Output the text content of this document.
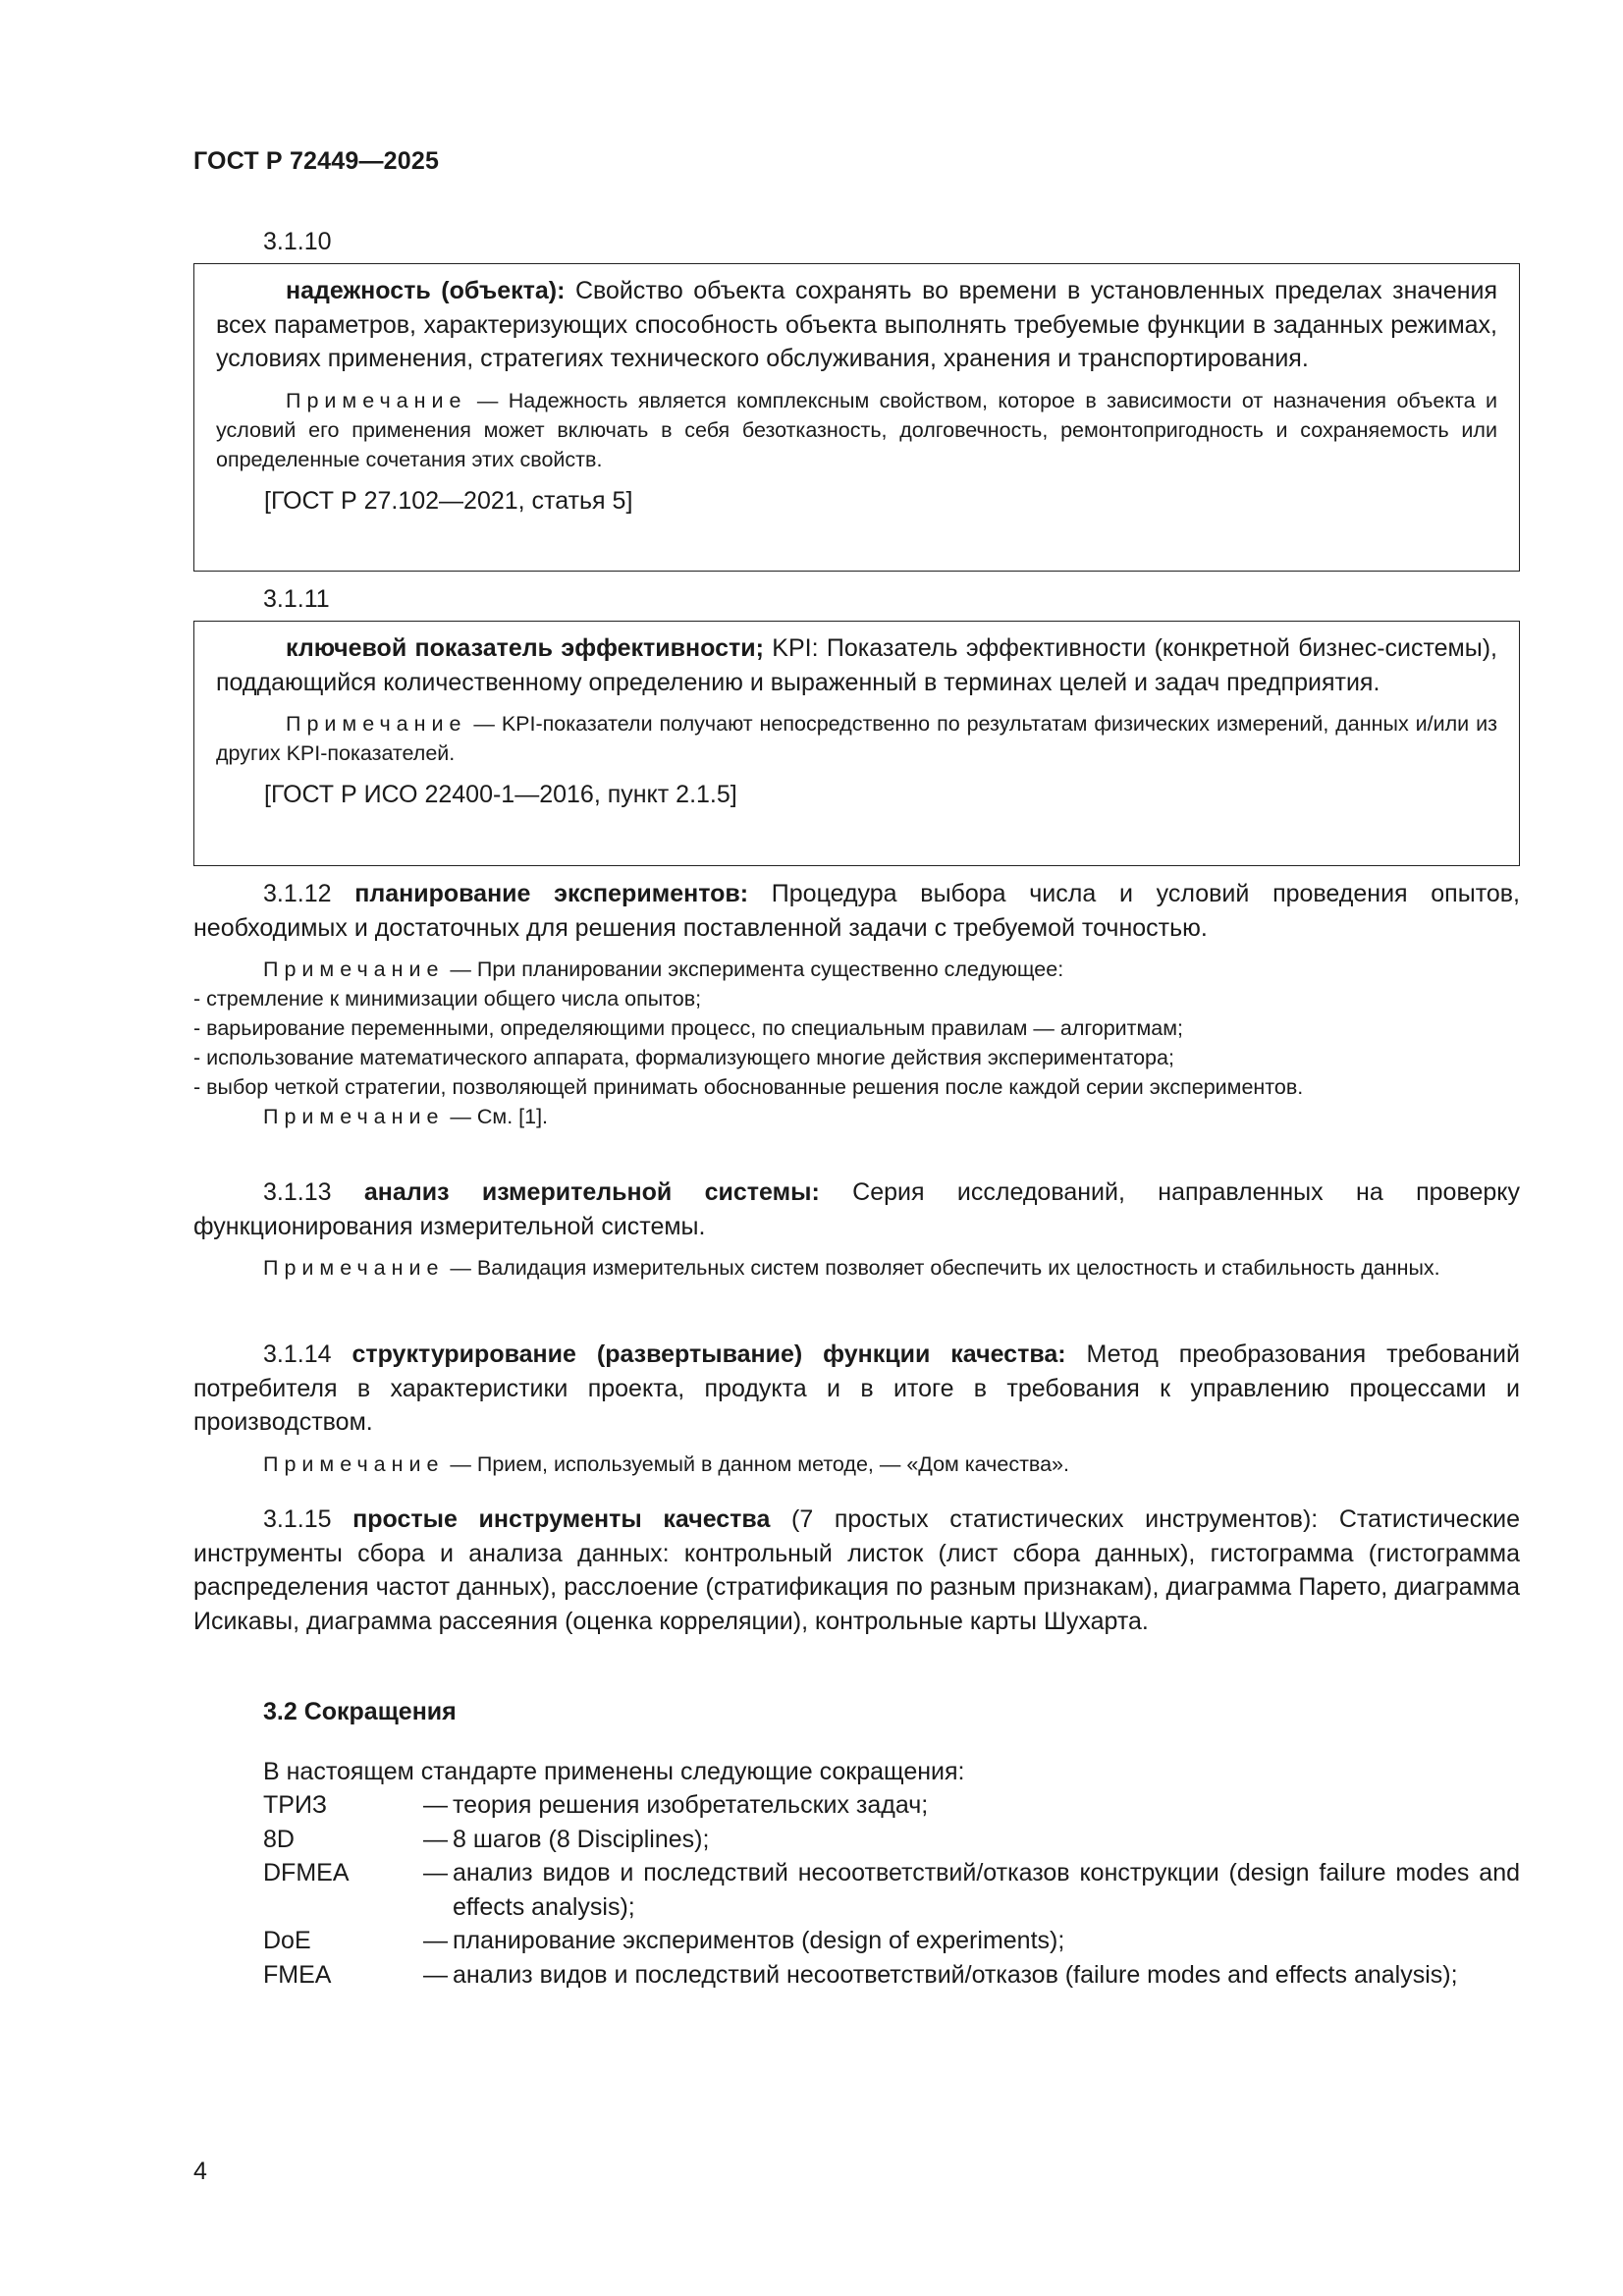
ГОСТ Р 72449—2025
3.1.10

надежность (объекта): Свойство объекта сохранять во времени в установленных пределах значения всех параметров, характеризующих способность объекта выполнять требуемые функции в заданных режимах, условиях применения, стратегиях технического обслуживания, хранения и транспортирования.

Примечание — Надежность является комплексным свойством, которое в зависимости от назначения объекта и условий его применения может включать в себя безотказность, долговечность, ремонтопригодность и сохраняемость или определенные сочетания этих свойств.

[ГОСТ Р 27.102—2021, статья 5]
3.1.11

ключевой показатель эффективности; KPI: Показатель эффективности (конкретной бизнес-системы), поддающийся количественному определению и выраженный в терминах целей и задач предприятия.

Примечание — KPI-показатели получают непосредственно по результатам физических измерений, данных и/или из других KPI-показателей.

[ГОСТ Р ИСО 22400-1—2016, пункт 2.1.5]

3.1.12 планирование экспериментов: Процедура выбора числа и условий проведения опытов, необходимых и достаточных для решения поставленной задачи с требуемой точностью.

Примечание — При планировании эксперимента существенно следующее:

- стремление к минимизации общего числа опытов;

- варьирование переменными, определяющими процесс, по специальным правилам — алгоритмам;

- использование математического аппарата, формализующего многие действия экспериментатора;

- выбор четкой стратегии, позволяющей принимать обоснованные решения после каждой серии экспериментов.

Примечание — См. [1].

3.1.13 анализ измерительной системы: Серия исследований, направленных на проверку функционирования измерительной системы.

Примечание — Валидация измерительных систем позволяет обеспечить их целостность и стабильность данных.

3.1.14 структурирование (развертывание) функции качества: Метод преобразования требований потребителя в характеристики проекта, продукта и в итоге в требования к управлению процессами и производством.

Примечание — Прием, используемый в данном методе, — «Дом качества».

3.1.15 простые инструменты качества (7 простых статистических инструментов): Статистические инструменты сбора и анализа данных: контрольный листок (лист сбора данных), гистограмма (гистограмма распределения частот данных), расслоение (стратификация по разным признакам), диаграмма Парето, диаграмма Исикавы, диаграмма рассеяния (оценка корреляции), контрольные карты Шухарта.

3.2 Сокращения
В настоящем стандарте применены следующие сокращения:
ТРИЗ	— теория решения изобретательских задач;
8D	— 8 шагов (8 Disciplines);
DFMEA	— анализ видов и последствий несоответствий/отказов конструкции (design failure modes and effects analysis);
DoE	— планирование экспериментов (design of experiments);
FMEA	— анализ видов и последствий несоответствий/отказов (failure modes and effects analysis);
4
